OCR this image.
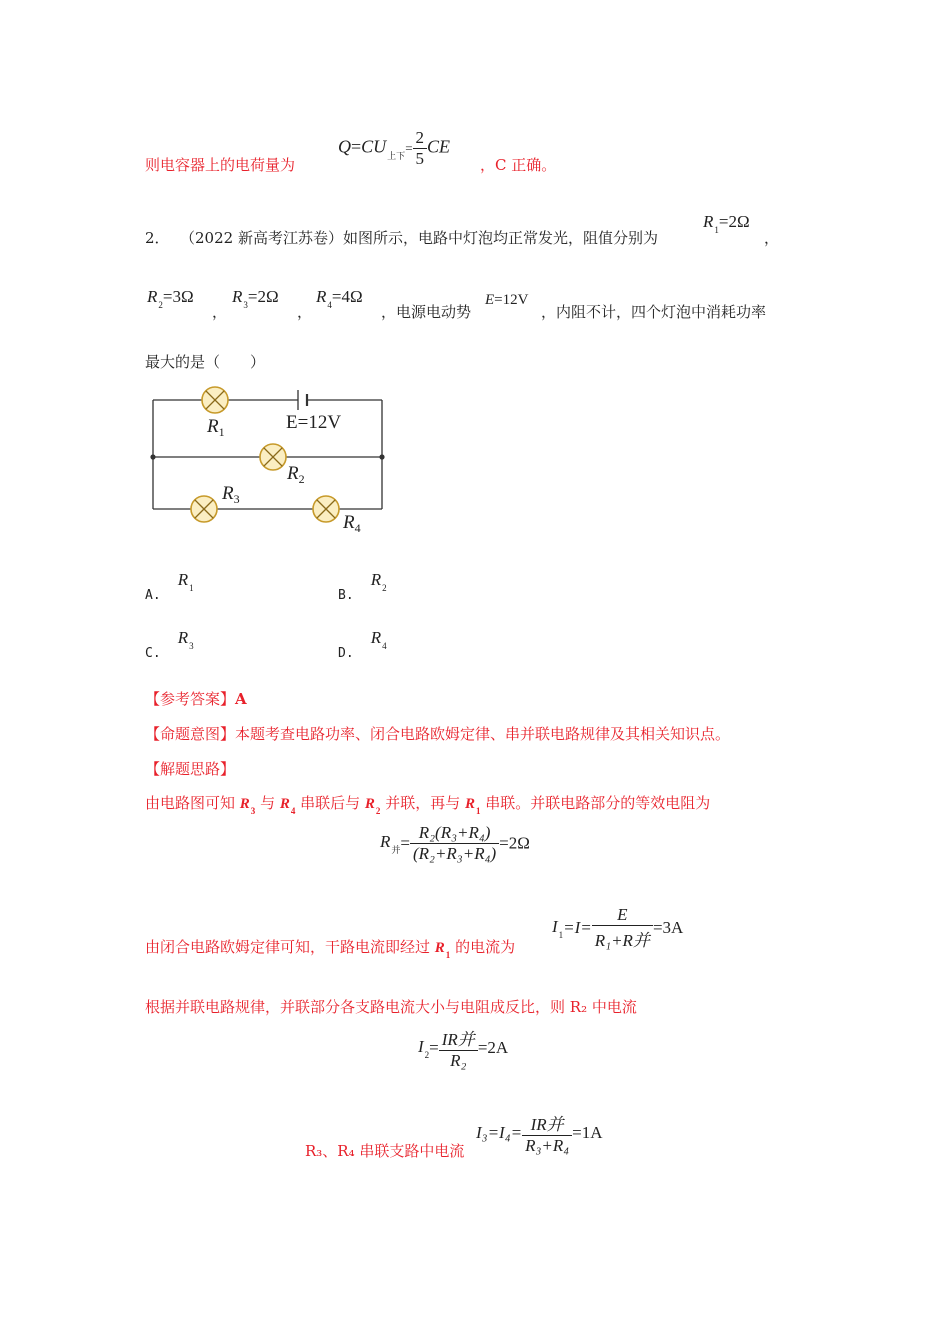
则电容器上的电荷量为
$Q=CU_{上下}= \frac{2}{5}$ CE
，C 正确。
2． （2022 新高考江苏卷）如图所示，电路中灯泡均正常发光，阻值分别为
$R_1=2\Omega$
，
$R_2=3\Omega$
，
$R_3=2\Omega$
，
$R_4=4\Omega$
，电源电动势
E=12V
，内阻不计，四个灯泡中消耗功率
最大的是（　　）
$R_1$	E=12V
$R_2$
$R_3$
$R_4$
$_{A.}$ $R_1$	$_{B.}$ $R_2$
$_{C.}$ $R_3$	$_{D.}$ $R_4$
【参考答案】A
【命题意图】本题考查电路功率、闭合电路欧姆定律、串并联电路规律及其相关知识点。
【解题思路】
由电路图可知 $R_3$ 与 $R_4$ 串联后与 $R_2$ 并联，再与 $R_1$ 串联。并联电路部分的等效电阻为
$R_并= \frac{\text{R₂(R₃+R₄)}}{\text{(R₂+R₃+R₄)}} =2\Omega$
由闭合电路欧姆定律可知，干路电流即经过 $R_1$ 的电流为
$I_1=I= \frac{E}{\text{R₁+R并}} =3A$
根据并联电路规律，并联部分各支路电流大小与电阻成反比，则 R₂ 中电流
$I_2= \frac{\text{IR并}}{\text{R₂}} =2A$
R₃、R₄ 串联支路中电流
$I_3=I_4= \frac{\text{IR并}}{\text{R₃+R₄}} =1A$
